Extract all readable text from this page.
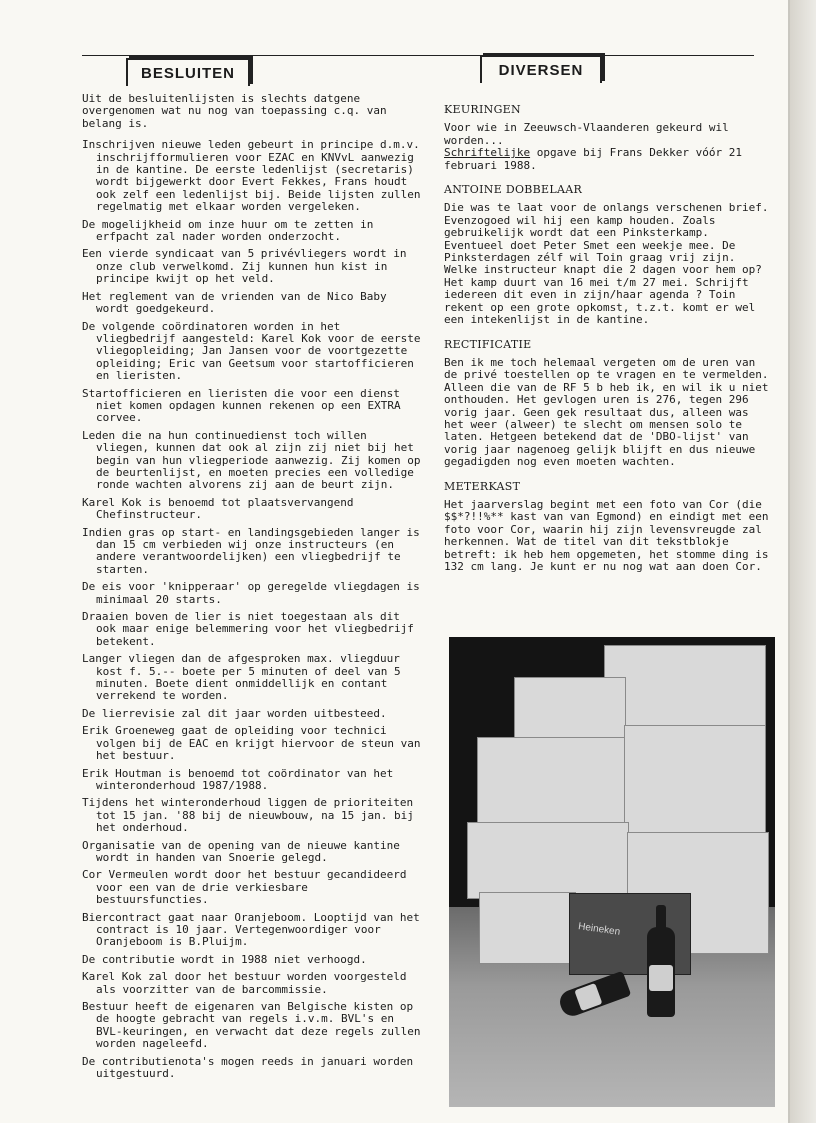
BESLUITEN	DIVERSEN

Uit de besluitenlijsten is slechts datgene overgenomen wat nu nog van toepassing c.q. van belang is.

Inschrijven nieuwe leden gebeurt in principe d.m.v. inschrijfformulieren voor EZAC en KNVvL aanwezig in de kantine. De eerste ledenlijst (secretaris) wordt bijgewerkt door Evert Fekkes, Frans houdt ook zelf een ledenlijst bij. Beide lijsten zullen regelmatig met elkaar worden vergeleken.

De mogelijkheid om inze huur om te zetten in erfpacht zal nader worden onderzocht.

Een vierde syndicaat van 5 privévliegers wordt in onze club verwelkomd. Zij kunnen hun kist in principe kwijt op het veld.

Het reglement van de vrienden van de Nico Baby wordt goedgekeurd.

De volgende coördinatoren worden in het vliegbedrijf aangesteld: Karel Kok voor de eerste vliegopleiding; Jan Jansen voor de voortgezette opleiding; Eric van Geetsum voor startofficieren en lieristen.

Startofficieren en lieristen die voor een dienst niet komen opdagen kunnen rekenen op een EXTRA corvee.

Leden die na hun continuedienst toch willen vliegen, kunnen dat ook al zijn zij niet bij het begin van hun vliegperiode aanwezig. Zij komen op de beurtenlijst, en moeten precies een volledige ronde wachten alvorens zij aan de beurt zijn.

Karel Kok is benoemd tot plaatsvervangend Chefinstructeur.

Indien gras op start- en landingsgebieden langer is dan 15 cm verbieden wij onze instructeurs (en andere verantwoordelijken) een vliegbedrijf te starten.

De eis voor 'knipperaar' op geregelde vliegdagen is minimaal 20 starts.

Draaien boven de lier is niet toegestaan als dit ook maar enige belemmering voor het vliegbedrijf betekent.

Langer vliegen dan de afgesproken max. vliegduur kost f. 5.-- boete per 5 minuten of deel van 5 minuten. Boete dient onmiddellijk en contant verrekend te worden.

De lierrevisie zal dit jaar worden uitbesteed.

Erik Groeneweg gaat de opleiding voor technici volgen bij de EAC en krijgt hiervoor de steun van het bestuur.

Erik Houtman is benoemd tot coördinator van het winteronderhoud 1987/1988.

Tijdens het winteronderhoud liggen de prioriteiten tot 15 jan. '88 bij de nieuwbouw, na 15 jan. bij het onderhoud.

Organisatie van de opening van de nieuwe kantine wordt in handen van Snoerie gelegd.

Cor Vermeulen wordt door het bestuur gecandideerd voor een van de drie verkiesbare bestuursfuncties.

Biercontract gaat naar Oranjeboom. Looptijd van het contract is 10 jaar. Vertegenwoordiger voor Oranjeboom is B.Pluijm.

De contributie wordt in 1988 niet verhoogd.

Karel Kok zal door het bestuur worden voorgesteld als voorzitter van de barcommissie.

Bestuur heeft de eigenaren van Belgische kisten op de hoogte gebracht van regels i.v.m. BVL's en BVL-keuringen, en verwacht dat deze regels zullen worden nageleefd.

De contributienota's mogen reeds in januari worden uitgestuurd.

KEURINGEN

Voor wie in Zeeuwsch-Vlaanderen gekeurd wil worden...
Schriftelijke opgave bij Frans Dekker vóór 21 februari 1988.

ANTOINE DOBBELAAR

Die was te laat voor de onlangs verschenen brief. Evenzogoed wil hij een kamp houden. Zoals gebruikelijk wordt dat een Pinksterkamp. Eventueel doet Peter Smet een weekje mee. De Pinksterdagen zélf wil Toin graag vrij zijn. Welke instructeur knapt die 2 dagen voor hem op? Het kamp duurt van 16 mei t/m 27 mei. Schrijft iedereen dit even in zijn/haar agenda ? Toin rekent op een grote opkomst, t.z.t. komt er wel een intekenlijst in de kantine.

RECTIFICATIE

Ben ik me toch helemaal vergeten om de uren van de privé toestellen op te vragen en te vermelden. Alleen die van de RF 5 b heb ik, en wil ik u niet onthouden. Het gevlogen uren is 276, tegen 296 vorig jaar. Geen gek resultaat dus, alleen was het weer (alweer) te slecht om mensen solo te laten. Hetgeen betekend dat de 'DBO-lijst' van vorig jaar nagenoeg gelijk blijft en dus nieuwe gegadigden nog even moeten wachten.

METERKAST

Het jaarverslag begint met een foto van Cor (die $$*?!!%** kast van van Egmond) en eindigt met een foto voor Cor, waarin hij zijn levensvreugde zal herkennen. Wat de titel van dit tekstblokje betreft: ik heb hem opgemeten, het stomme ding is 132 cm lang. Je kunt er nu nog wat aan doen Cor.

Heineken
